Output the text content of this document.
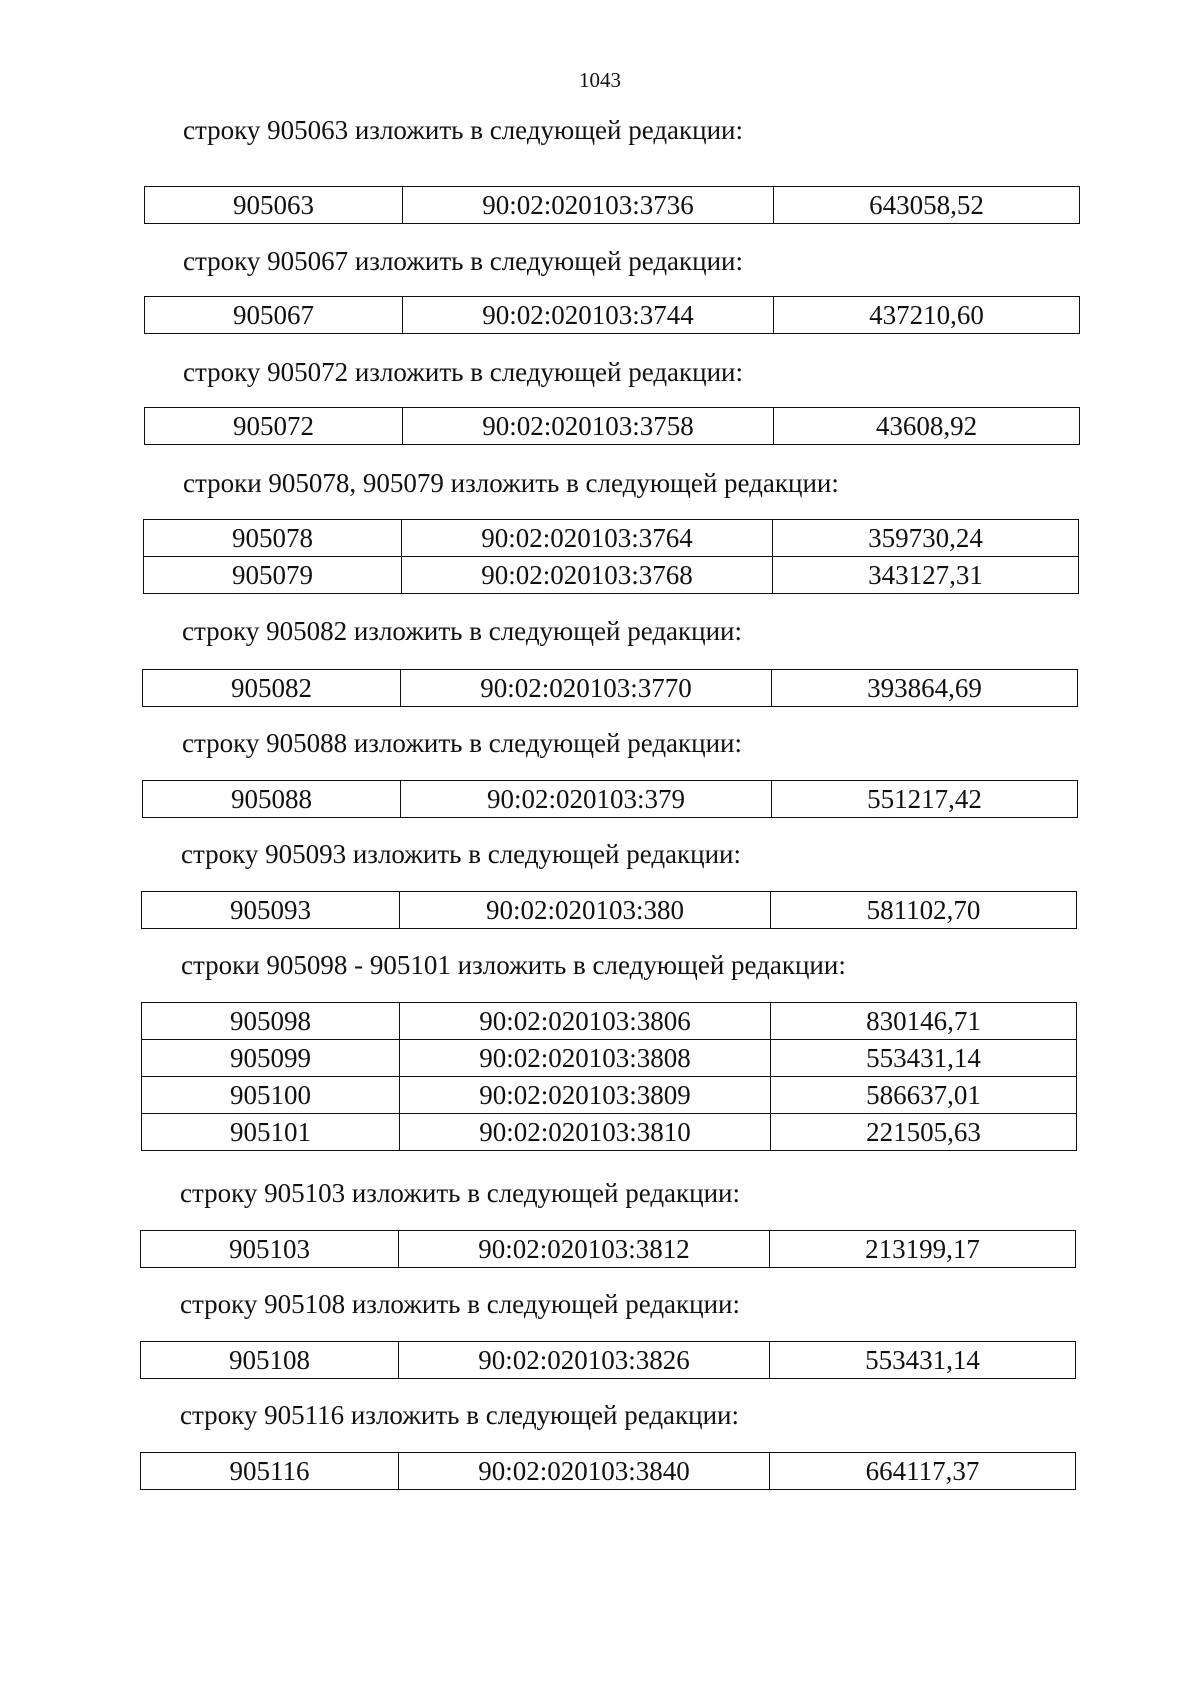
1043
строку 905063 изложить в следующей редакции:
905063	90:02:020103:3736	643058,52
строку 905067 изложить в следующей редакции:
905067	90:02:020103:3744	437210,60
строку 905072 изложить в следующей редакции:
905072	90:02:020103:3758	43608,92
строки 905078, 905079 изложить в следующей редакции:
905078	90:02:020103:3764	359730,24
905079	90:02:020103:3768	343127,31
строку 905082 изложить в следующей редакции:
905082	90:02:020103:3770	393864,69
строку 905088 изложить в следующей редакции:
905088	90:02:020103:379	551217,42
строку 905093 изложить в следующей редакции:
905093	90:02:020103:380	581102,70
строки 905098 - 905101 изложить в следующей редакции:
905098	90:02:020103:3806	830146,71
905099	90:02:020103:3808	553431,14
905100	90:02:020103:3809	586637,01
905101	90:02:020103:3810	221505,63
строку 905103 изложить в следующей редакции:
905103	90:02:020103:3812	213199,17
строку 905108 изложить в следующей редакции:
905108	90:02:020103:3826	553431,14
строку 905116 изложить в следующей редакции:
905116	90:02:020103:3840	664117,37
